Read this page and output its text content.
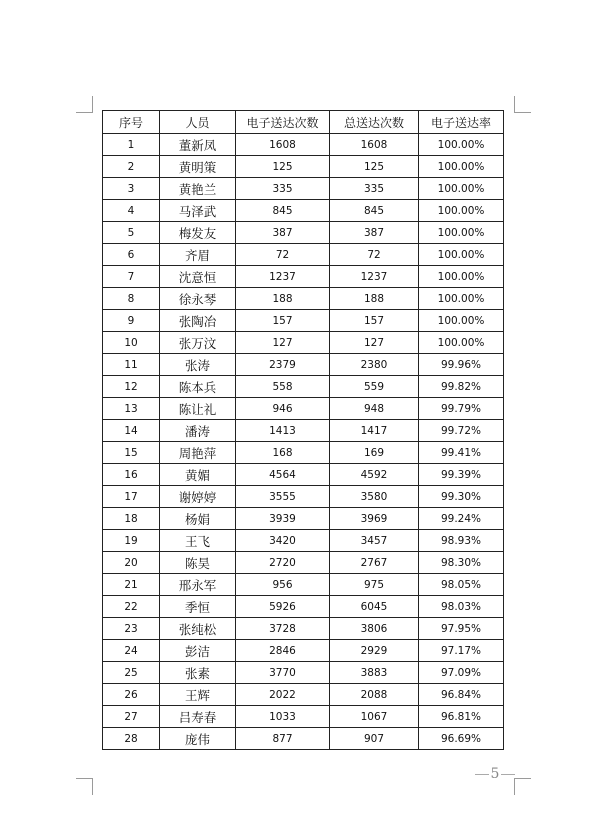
序号	人员	电子送达次数	总送达次数	电子送达率
1	董新凤	1608	1608	100.00%
2	黄明策	125	125	100.00%
3	黄艳兰	335	335	100.00%
4	马泽武	845	845	100.00%
5	梅发友	387	387	100.00%
6	齐眉	72	72	100.00%
7	沈意恒	1237	1237	100.00%
8	徐永琴	188	188	100.00%
9	张陶冶	157	157	100.00%
10	张万汶	127	127	100.00%
11	张涛	2379	2380	99.96%
12	陈本兵	558	559	99.82%
13	陈让礼	946	948	99.79%
14	潘涛	1413	1417	99.72%
15	周艳萍	168	169	99.41%
16	黄媚	4564	4592	99.39%
17	谢婷婷	3555	3580	99.30%
18	杨娟	3939	3969	99.24%
19	王飞	3420	3457	98.93%
20	陈昊	2720	2767	98.30%
21	邢永军	956	975	98.05%
22	季恒	5926	6045	98.03%
23	张纯松	3728	3806	97.95%
24	彭洁	2846	2929	97.17%
25	张素	3770	3883	97.09%
26	王辉	2022	2088	96.84%
27	吕寿春	1033	1067	96.81%
28	庞伟	877	907	96.69%
5
